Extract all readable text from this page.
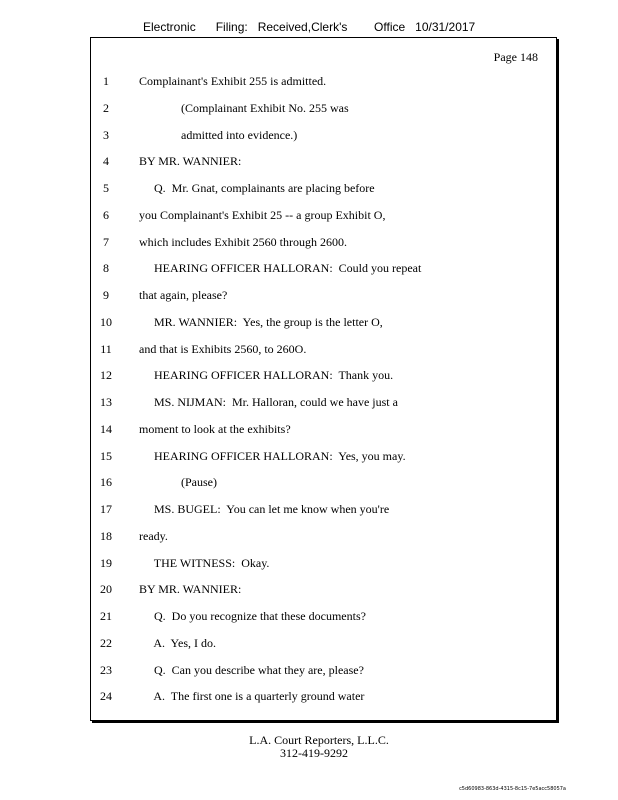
Electronic      Filing:   Received,Clerk's        Office   10/31/2017
Page 148
1	Complainant's Exhibit 255 is admitted.
2	(Complainant Exhibit No. 255 was
3	admitted into evidence.)
4	BY MR. WANNIER:
5	Q.  Mr. Gnat, complainants are placing before
6	you Complainant's Exhibit 25 -- a group Exhibit O,
7	which includes Exhibit 2560 through 2600.
8	HEARING OFFICER HALLORAN:  Could you repeat
9	that again, please?
10	MR. WANNIER:  Yes, the group is the letter O,
11	and that is Exhibits 2560, to 260O.
12	HEARING OFFICER HALLORAN:  Thank you.
13	MS. NIJMAN:  Mr. Halloran, could we have just a
14	moment to look at the exhibits?
15	HEARING OFFICER HALLORAN:  Yes, you may.
16	(Pause)
17	MS. BUGEL:  You can let me know when you're
18	ready.
19	THE WITNESS:  Okay.
20	BY MR. WANNIER:
21	Q.  Do you recognize that these documents?
22	A.  Yes, I do.
23	Q.  Can you describe what they are, please?
24	A.  The first one is a quarterly ground water
L.A. Court Reporters, L.L.C.
312-419-9292
c5d60983-863d-4315-8c15-7e5acc58057a
